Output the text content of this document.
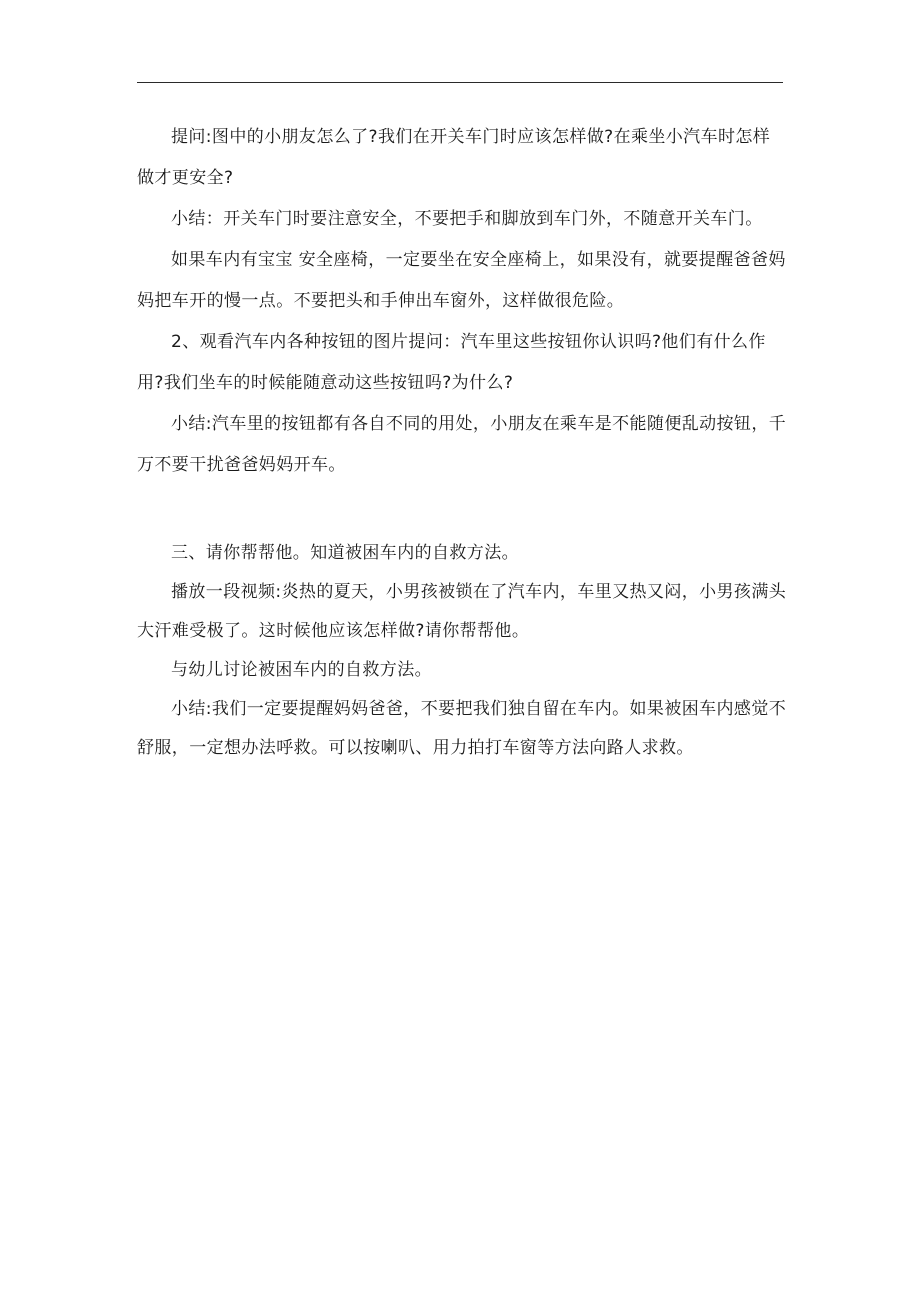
提问:图中的小朋友怎么了?我们在开关车门时应该怎样做?在乘坐小汽车时怎样做才更安全?

小结：开关车门时要注意安全，不要把手和脚放到车门外，不随意开关车门。

如果车内有宝宝 安全座椅，一定要坐在安全座椅上，如果没有，就要提醒爸爸妈妈把车开的慢一点。不要把头和手伸出车窗外，这样做很危险。

2、观看汽车内各种按钮的图片提问：汽车里这些按钮你认识吗?他们有什么作用?我们坐车的时候能随意动这些按钮吗?为什么?

小结:汽车里的按钮都有各自不同的用处，小朋友在乘车是不能随便乱动按钮，千万不要干扰爸爸妈妈开车。

三、请你帮帮他。知道被困车内的自救方法。

播放一段视频:炎热的夏天，小男孩被锁在了汽车内，车里又热又闷，小男孩满头大汗难受极了。这时候他应该怎样做?请你帮帮他。

与幼儿讨论被困车内的自救方法。

小结:我们一定要提醒妈妈爸爸，不要把我们独自留在车内。如果被困车内感觉不舒服，一定想办法呼救。可以按喇叭、用力拍打车窗等方法向路人求救。
